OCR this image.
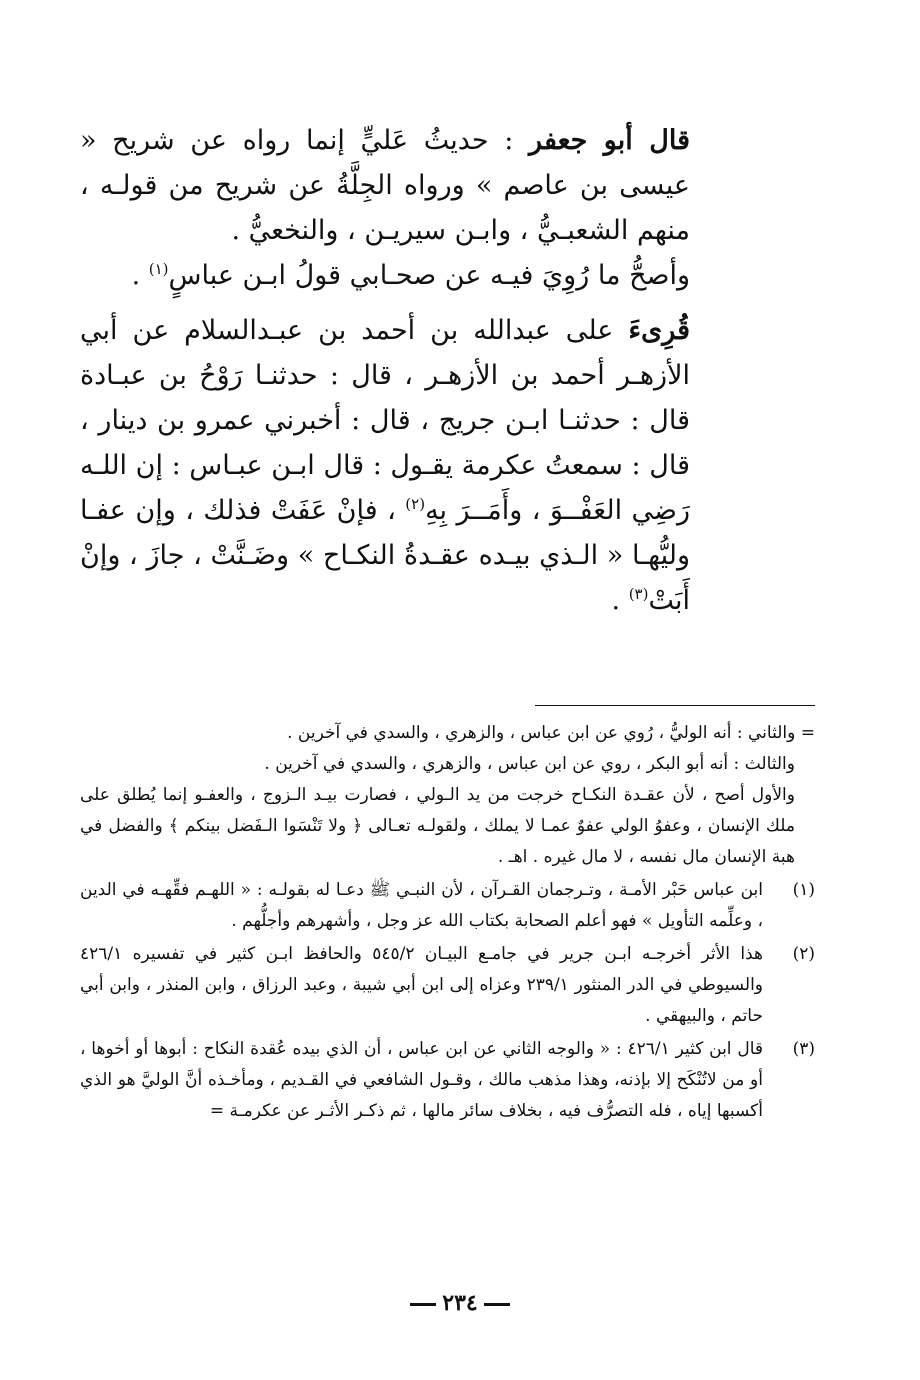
قال أبو جعفر : حديثُ عَليٍّ إنما رواه عن شريح « عيسى بن عاصم » ورواه الجِلَّةُ عن شريح من قولـه ، منهم الشعبـيُّ ، وابـن سيريـن ، والنخعيُّ .

وأصحُّ ما رُوِيَ فيـه عن صحـابي قولُ ابـن عباسٍ$^{(١)}$ .

قُرِىءَ على عبدالله بن أحمد بن عبـدالسلام عن أبي الأزهـر أحمد بن الأزهـر ، قال : حدثنـا رَوْحُ بن عبـادة قال : حدثنـا ابـن جريج ، قال : أخبرني عمرو بن دينار ، قال : سمعتُ عكرمة يقـول : قال ابـن عبـاس : إن اللـه رَضِي العَفْــوَ ، وأَمَــرَ بِهِ$^{(٢)}$ ، فإنْ عَفَتْ فذلك ، وإن عفـا وليُّهـا « الـذي بيـده عقـدةُ النكـاح » وضَـنَّتْ ، جازَ ، وإنْ أَبَتْ$^{(٣)}$ .

= والثاني : أنه الوليُّ ، رُوي عن ابن عباس ، والزهري ، والسدي في آخرين .

والثالث : أنه أبو البكر ، روي عن ابن عباس ، والزهري ، والسدي في آخرين .

والأول أصح ، لأن عقـدة النكـاح خرجت من يد الـولي ، فصارت بيـد الـزوج ، والعفـو إنما يُطلق على ملك الإنسان ، وعفوُ الولي عفوٌ عمـا لا يملك ، ولقولـه تعـالى ﴿ ولا تَنْسَوا الـفَضل بينكم ﴾ والفضل في هبة الإنسان مال نفسه ، لا مال غيره . اهـ .

(١)
ابن عباس حَبْر الأمـة ، وتـرجمان القـرآن ، لأن النبـي ﷺ دعـا له بقولـه : « اللهـم فقِّهـه في الدين ، وعلِّمه التأويل » فهو أعلم الصحابة بكتاب الله عز وجل ، وأشهرهم وأجلُّهم .
(٢)
هذا الأثر أخرجـه ابـن جرير في جامـع البيـان ٥٤٥/٢ والحافظ ابـن كثير في تفسيره ٤٢٦/١ والسيوطي في الدر المنثور ٢٣٩/١ وعزاه إلى ابن أبي شيبة ، وعبد الرزاق ، وابن المنذر ، وابن أبي حاتم ، والبيهقي .
(٣)
قال ابن كثير ٤٢٦/١ : « والوجه الثاني عن ابن عباس ، أن الذي بيده عُقدة النكاح : أبوها أو أخوها ، أو من لاتُنْكَح إلا بإذنه، وهذا مذهب مالك ، وقـول الشافعي في القـديم ، ومأخـذه أنَّ الوليَّ هو الذي أكسبها إياه ، فله التصرُّف فيه ، بخلاف سائر مالها ، ثم ذكـر الأثـر عن عكرمـة =
٢٣٤
